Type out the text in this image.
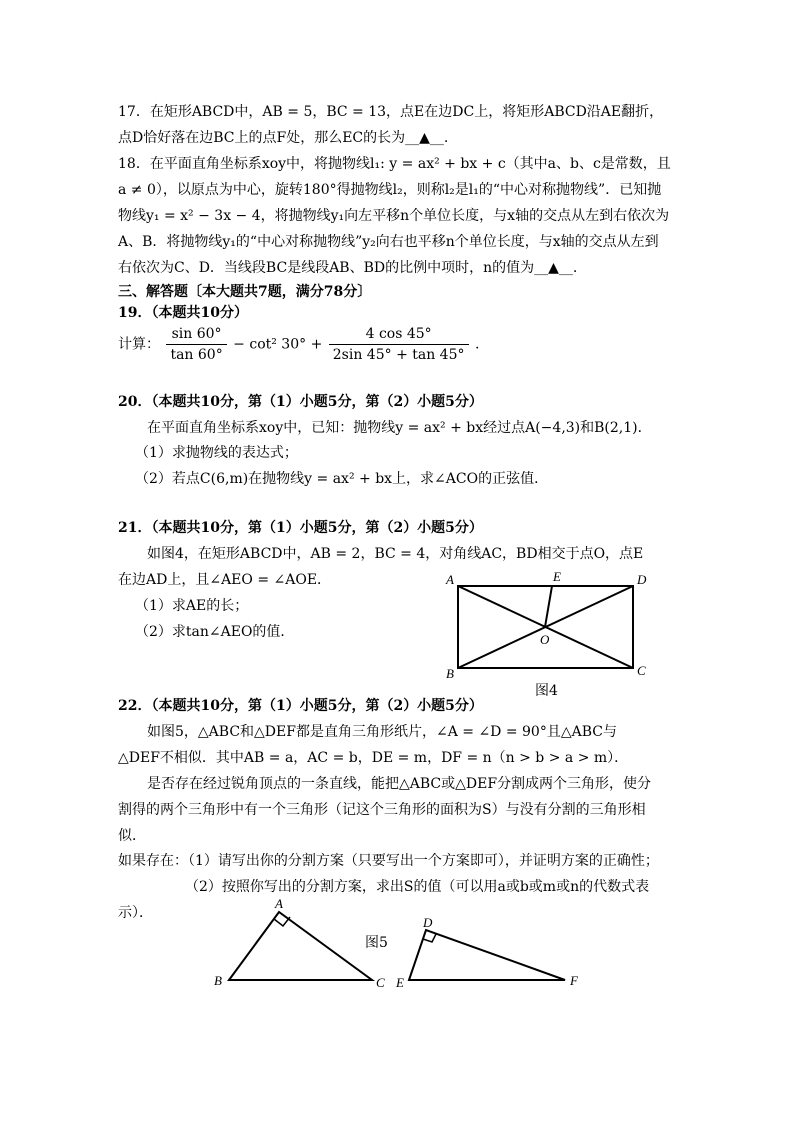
17．在矩形ABCD中，AB = 5，BC = 13，点E在边DC上，将矩形ABCD沿AE翻折，
点D恰好落在边BC上的点F处，那么EC的长为__▲__.
18．在平面直角坐标系xoy中，将抛物线l₁: y = ax² + bx + c（其中a、b、c是常数，且
a ≠ 0），以原点为中心，旋转180°得抛物线l₂，则称l₂是l₁的“中心对称抛物线”．已知抛
物线y₁ = x² − 3x − 4，将抛物线y₁向左平移n个单位长度，与x轴的交点从左到右依次为
A、B．将抛物线y₁的“中心对称抛物线”y₂向右也平移n个单位长度，与x轴的交点从左到
右依次为C、D．当线段BC是线段AB、BD的比例中项时，n的值为__▲__.
三、解答题〔本大题共7题，满分78分〕
19．（本题共10分）
计算： $\frac{\sin 60^\circ}{\tan 60^\circ} - \cot^2$ $30^\circ + \frac{4 \cos 45^\circ}{2\sin 45^\circ + \tan 45^\circ}$ .
20．（本题共10分，第（1）小题5分，第（2）小题5分）
在平面直角坐标系xoy中，已知：抛物线y = ax² + bx经过点A(−4,3)和B(2,1)．
（1）求抛物线的表达式；
（2）若点C(6,m)在抛物线y = ax² + bx上，求∠ACO的正弦值．
21．（本题共10分，第（1）小题5分，第（2）小题5分）
如图4，在矩形ABCD中，AB = 2，BC = 4，对角线AC，BD相交于点O，点E
在边AD上，且∠AEO = ∠AOE．
（1）求AE的长；
（2）求tan∠AEO的值．
A	E	D
O
B	C
图4
22．（本题共10分，第（1）小题5分，第（2）小题5分）
如图5，△ABC和△DEF都是直角三角形纸片，∠A = ∠D = 90°且△ABC与
△DEF不相似．其中AB = a，AC = b，DE = m，DF = n（n > b > a > m）．
是否存在经过锐角顶点的一条直线，能把△ABC或△DEF分割成两个三角形，使分
割得的两个三角形中有一个三角形（记这个三角形的面积为S）与没有分割的三角形相
似．
如果存在：（1）请写出你的分割方案（只要写出一个方案即可），并证明方案的正确性；
（2）按照你写出的分割方案，求出S的值（可以用a或b或m或n的代数式表
示）．
A
B	C
D
E	F
图5
